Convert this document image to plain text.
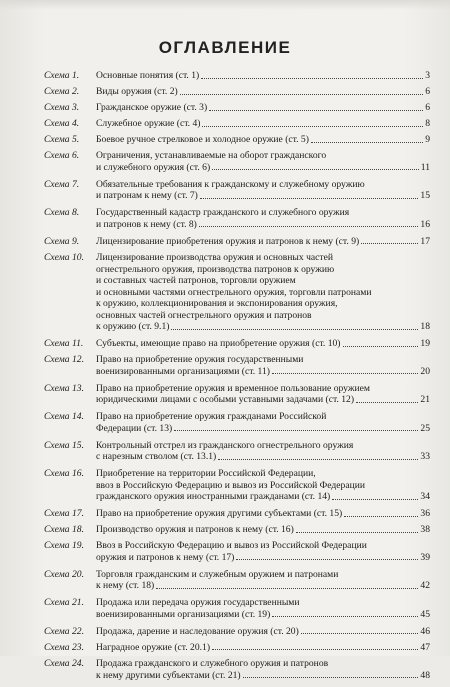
ОГЛАВЛЕНИЕ
Схема 1.	Основные понятия (ст. 1)	3
Схема 2.	Виды оружия (ст. 2)	6
Схема 3.	Гражданское оружие (ст. 3)	6
Схема 4.	Служебное оружие (ст. 4)	8
Схема 5.	Боевое ручное стрелковое и холодное оружие (ст. 5)	9
Схема 6.	Ограничения, устанавливаемые на оборот гражданского
и служебного оружия (ст. 6)	11
Схема 7.	Обязательные требования к гражданскому и служебному оружию
и патронам к нему (ст. 7)	15
Схема 8.	Государственный кадастр гражданского и служебного оружия
и патронов к нему (ст. 8)	16
Схема 9.	Лицензирование приобретения оружия и патронов к нему (ст. 9)	17
Схема 10.	Лицензирование производства оружия и основных частей
огнестрельного оружия, производства патронов к оружию
и составных частей патронов, торговли оружием
и основными частями огнестрельного оружия, торговли патронами
к оружию, коллекционирования и экспонирования оружия,
основных частей огнестрельного оружия и патронов
к оружию (ст. 9.1)	18
Схема 11.	Субъекты, имеющие право на приобретение оружия (ст. 10)	19
Схема 12.	Право на приобретение оружия государственными
военизированными организациями (ст. 11)	20
Схема 13.	Право на приобретение оружия и временное пользование оружием
юридическими лицами с особыми уставными задачами (ст. 12)	21
Схема 14.	Право на приобретение оружия гражданами Российской
Федерации (ст. 13)	25
Схема 15.	Контрольный отстрел из гражданского огнестрельного оружия
с нарезным стволом (ст. 13.1)	33
Схема 16.	Приобретение на территории Российской Федерации,
ввоз в Российскую Федерацию и вывоз из Российской Федерации
гражданского оружия иностранными гражданами (ст. 14)	34
Схема 17.	Право на приобретение оружия другими субъектами (ст. 15)	36
Схема 18.	Производство оружия и патронов к нему (ст. 16)	38
Схема 19.	Ввоз в Российскую Федерацию и вывоз из Российской Федерации
оружия и патронов к нему (ст. 17)	39
Схема 20.	Торговля гражданским и служебным оружием и патронами
к нему (ст. 18)	42
Схема 21.	Продажа или передача оружия государственными
военизированными организациями (ст. 19)	45
Схема 22.	Продажа, дарение и наследование оружия (ст. 20)	46
Схема 23.	Наградное оружие (ст. 20.1)	47
Схема 24.	Продажа гражданского и служебного оружия и патронов
к нему другими субъектами (ст. 21)	48
